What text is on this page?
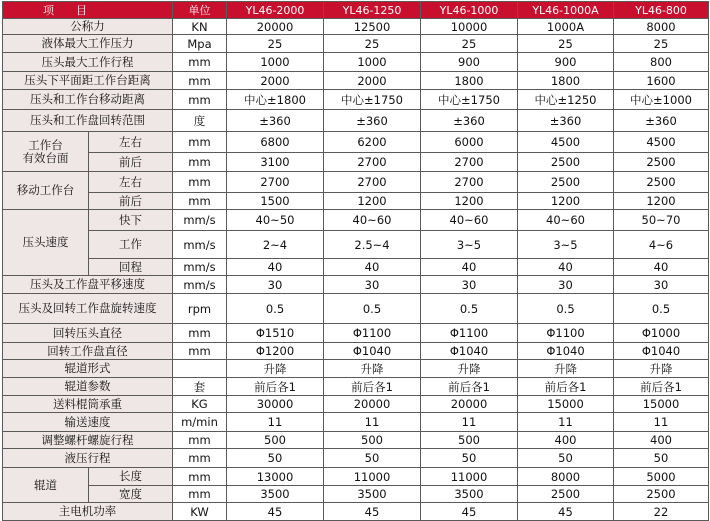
项　　目		单位	YL46-2000	YL46-1250	YL46-1000	YL46-1000A	YL46-800
公称力		KN	20000	12500	10000	1000A	8000
液体最大工作压力		Mpa	25	25	25	25	25
压头最大工作行程		mm	1000	1000	900	900	800
压头下平面距工作台距离		mm	2000	2000	1800	1800	1600
压头和工作台移动距离		mm	中心±1800	中心±1750	中心±1750	中心±1250	中心±1000
压头和工作盘回转范围		度	±360	±360	±360	±360	±360
工作台
有效台面	左右	mm	6800	6200	6000	4500	4500
	前后	mm	3100	2700	2700	2500	2500
移动工作台	左右	mm	2700	2700	2700	2500	2500
	前后	mm	1500	1200	1200	1200	1200
压头速度	快下	mm/s	40~50	40~60	40~60	40~60	50~70
	工作	mm/s	2~4	2.5~4	3~5	3~5	4~6
	回程	mm/s	40	40	40	40	40
压头及工作盘平移速度		mm/s	30	30	30	30	30
压头及回转工作盘旋转速度		rpm	0.5	0.5	0.5	0.5	0.5
回转压头直径		mm	Φ1510	Φ1100	Φ1100	Φ1100	Φ1000
回转工作盘直径		mm	Φ1200	Φ1040	Φ1040	Φ1040	Φ1040
辊道形式			升降	升降	升降	升降	升降
辊道参数		套	前后各1	前后各1	前后各1	前后各1	前后各1
送料棍筒承重		KG	30000	20000	20000	15000	15000
输送速度		m/min	11	11	11	11	11
调整螺杆螺旋行程		mm	500	500	500	400	400
液压行程		mm	50	50	50	50	50
辊道	长度	mm	13000	11000	11000	8000	5000
	宽度	mm	3500	3500	3500	2500	2500
主电机功率		KW	45	45	45	45	22
